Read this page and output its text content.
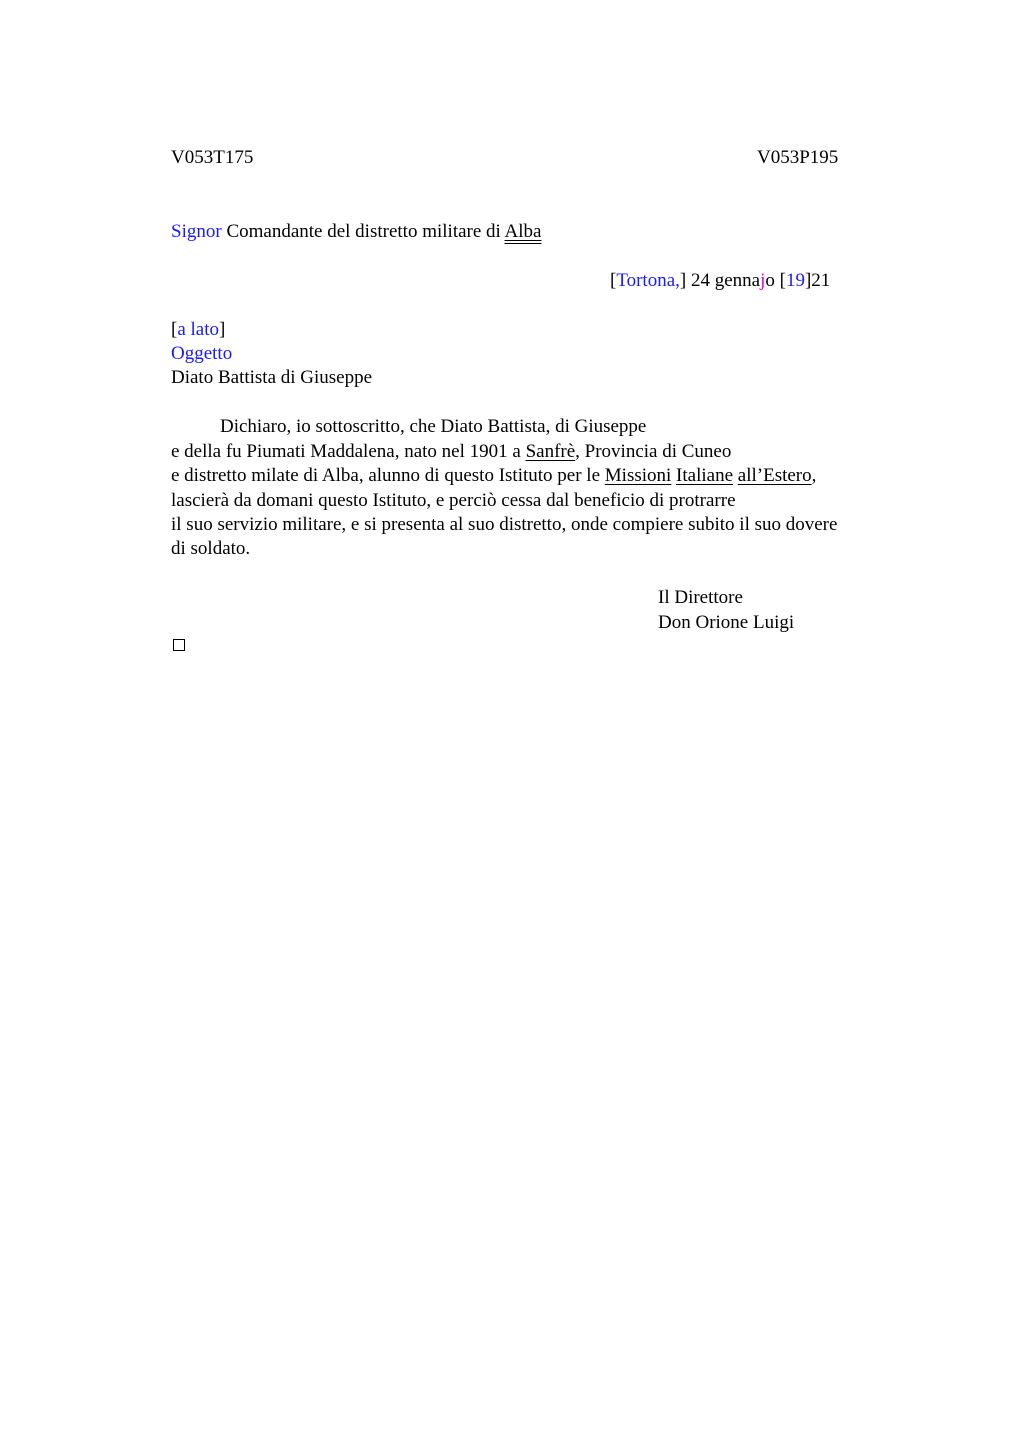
V053T175	V053P195
Signor Comandante del distretto militare di Alba
[Tortona,] 24 gennajo [19]21
[a lato]
Oggetto
Diato Battista di Giuseppe
Dichiaro, io sottoscritto, che Diato Battista, di Giuseppe
e della fu Piumati Maddalena, nato nel 1901 a Sanfrè, Provincia di Cuneo
e distretto milate di Alba, alunno di questo Istituto per le Missioni Italiane all’Estero,
lascierà da domani questo Istituto, e perciò cessa dal beneficio di protrarre
il suo servizio militare, e si presenta al suo distretto, onde compiere subito il suo dovere
di soldato.
Il Direttore
Don Orione Luigi
